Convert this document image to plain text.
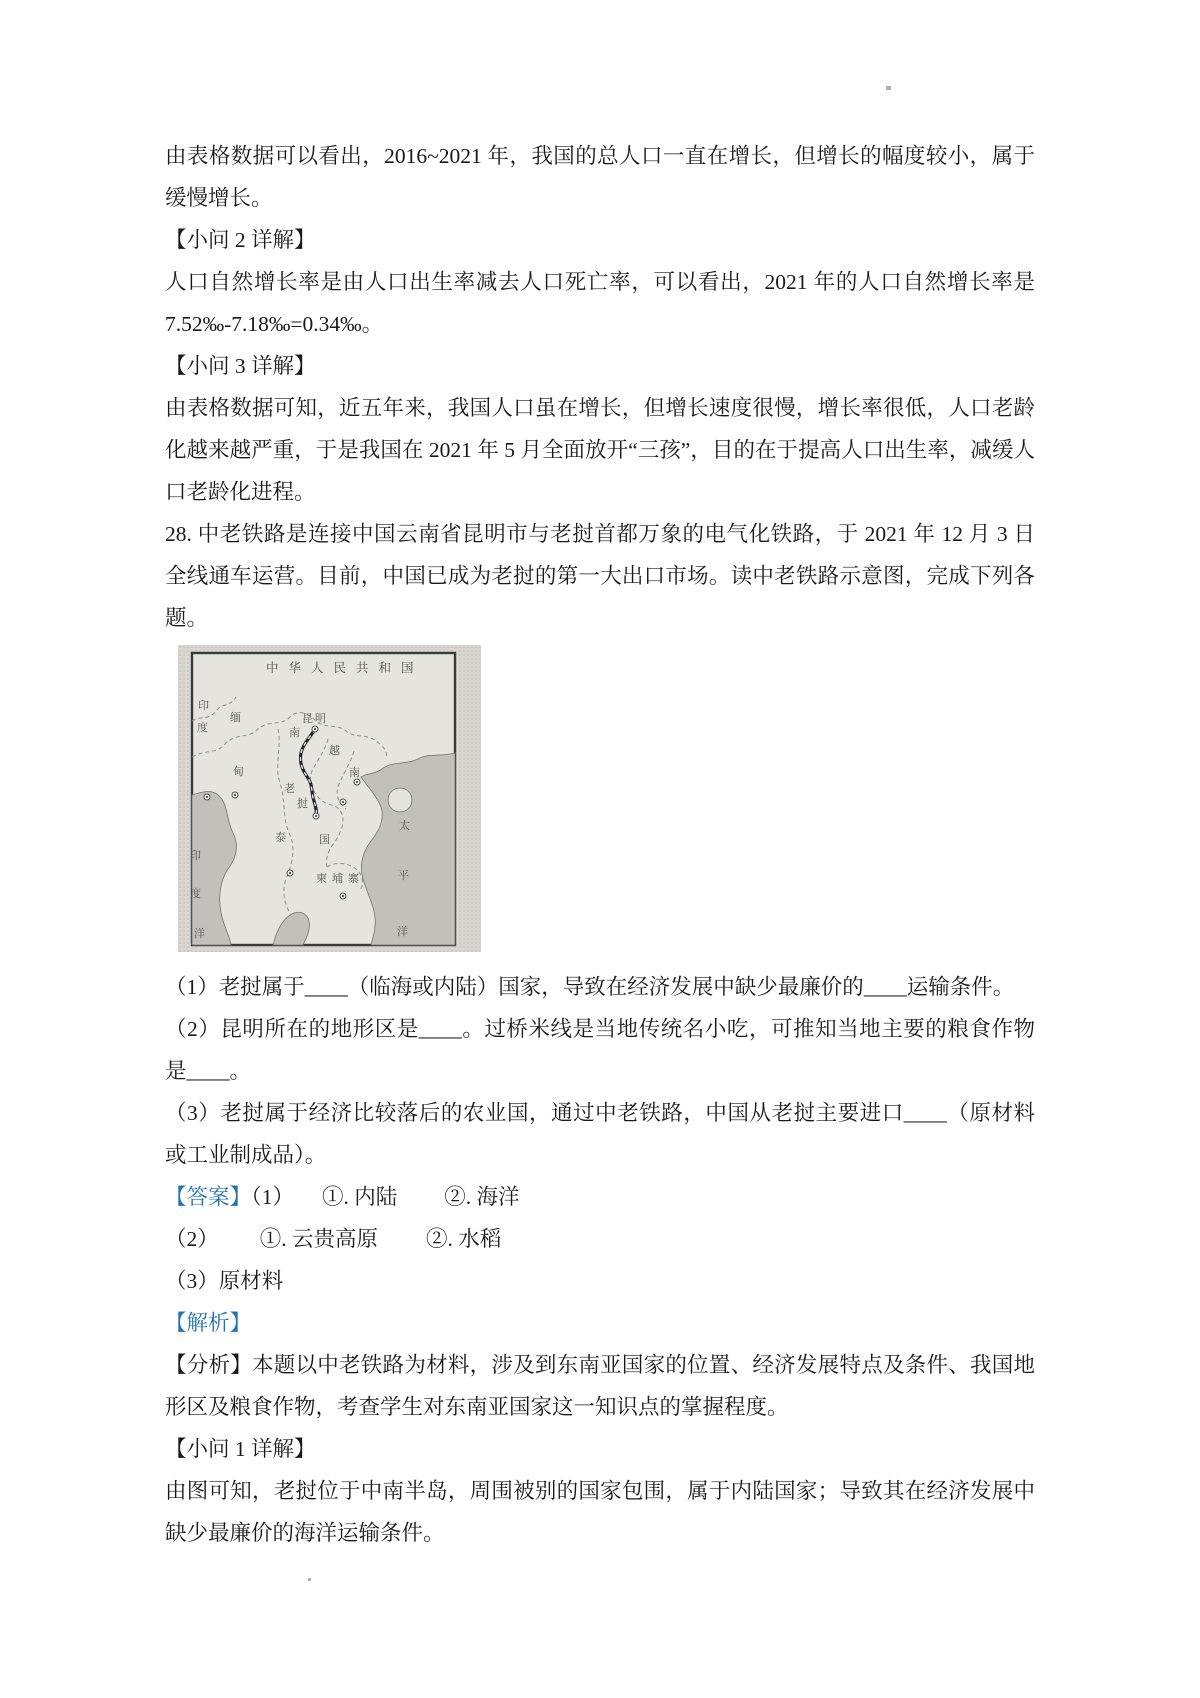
由表格数据可以看出，2016~2021 年，我国的总人口一直在增长，但增长的幅度较小，属于缓慢增长。

【小问 2 详解】

人口自然增长率是由人口出生率减去人口死亡率，可以看出，2021 年的人口自然增长率是 7.52‰-7.18‰=0.34‰。

【小问 3 详解】

由表格数据可知，近五年来，我国人口虽在增长，但增长速度很慢，增长率很低，人口老龄化越来越严重，于是我国在 2021 年 5 月全面放开“三孩”，目的在于提高人口出生率，减缓人口老龄化进程。

28. 中老铁路是连接中国云南省昆明市与老挝首都万象的电气化铁路，于 2021 年 12 月 3 日全线通车运营。目前，中国已成为老挝的第一大出口市场。读中老铁路示意图，完成下列各题。

中华人民共和国
印
度
缅
甸
昆明
南
越
南
老
挝
泰	国
柬埔寨
印
度
洋
太
平
洋

（1）老挝属于____（临海或内陆）国家，导致在经济发展中缺少最廉价的____运输条件。

（2）昆明所在的地形区是____。过桥米线是当地传统名小吃，可推知当地主要的粮食作物是____。

（3）老挝属于经济比较落后的农业国，通过中老铁路，中国从老挝主要进口____（原材料或工业制成品）。

【答案】（1） ①. 内陆 ②. 海洋

（2） ①. 云贵高原 ②. 水稻

（3）原材料

【解析】

【分析】本题以中老铁路为材料，涉及到东南亚国家的位置、经济发展特点及条件、我国地形区及粮食作物，考查学生对东南亚国家这一知识点的掌握程度。

【小问 1 详解】

由图可知，老挝位于中南半岛，周围被别的国家包围，属于内陆国家；导致其在经济发展中缺少最廉价的海洋运输条件。
